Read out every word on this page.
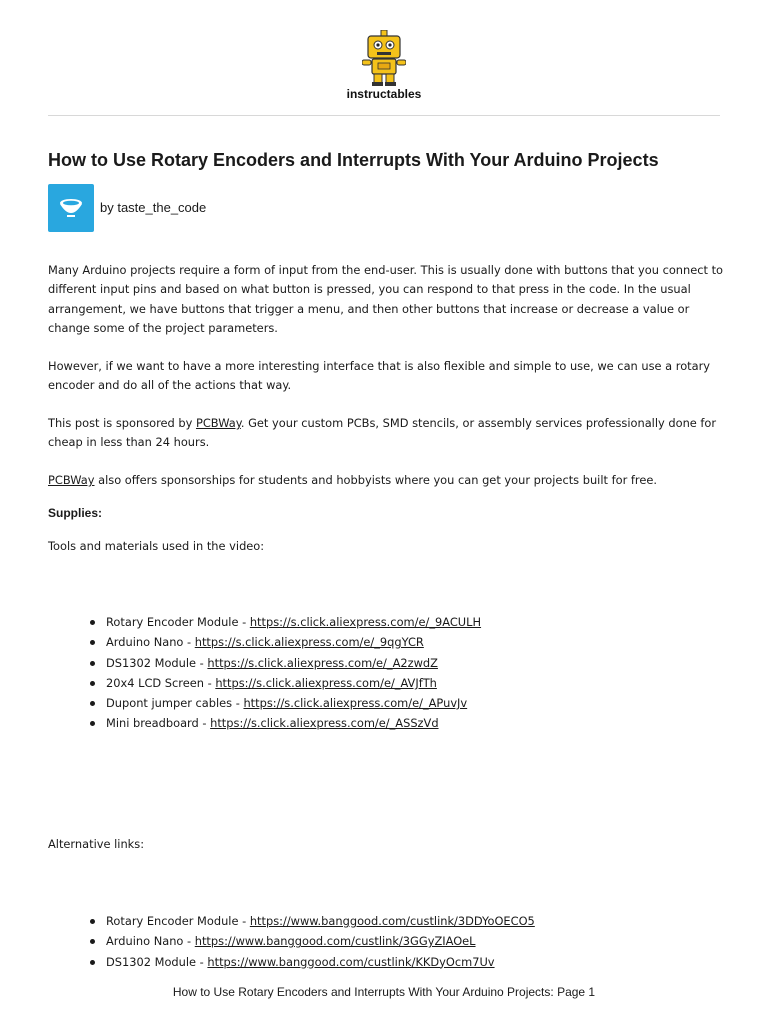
instructables
How to Use Rotary Encoders and Interrupts With Your Arduino Projects
by taste_the_code

Many Arduino projects require a form of input from the end-user. This is usually done with buttons that you connect to different input pins and based on what button is pressed, you can respond to that press in the code. In the usual arrangement, we have buttons that trigger a menu, and then other buttons that increase or decrease a value or change some of the project parameters.

However, if we want to have a more interesting interface that is also flexible and simple to use, we can use a rotary encoder and do all of the actions that way.

This post is sponsored by PCBWay. Get your custom PCBs, SMD stencils, or assembly services professionally done for cheap in less than 24 hours.

PCBWay also offers sponsorships for students and hobbyists where you can get your projects built for free.

Supplies:

Tools and materials used in the video:

Rotary Encoder Module - https://s.click.aliexpress.com/e/_9ACULH
Arduino Nano - https://s.click.aliexpress.com/e/_9qgYCR
DS1302 Module - https://s.click.aliexpress.com/e/_A2zwdZ
20x4 LCD Screen - https://s.click.aliexpress.com/e/_AVJfTh
Dupont jumper cables - https://s.click.aliexpress.com/e/_APuvJv
Mini breadboard - https://s.click.aliexpress.com/e/_ASSzVd

Alternative links:

Rotary Encoder Module - https://www.banggood.com/custlink/3DDYoOECO5
Arduino Nano - https://www.banggood.com/custlink/3GGyZIAOeL
DS1302 Module - https://www.banggood.com/custlink/KKDyOcm7Uv
How to Use Rotary Encoders and Interrupts With Your Arduino Projects: Page 1
